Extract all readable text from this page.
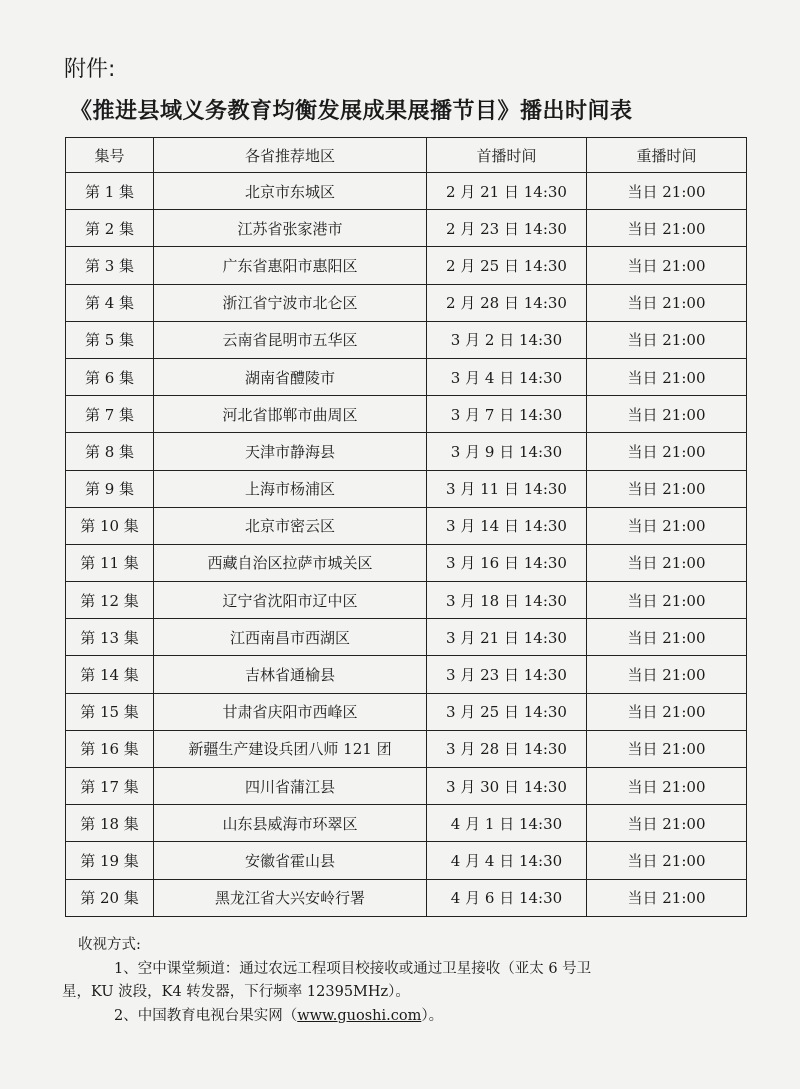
附件:
《推进县域义务教育均衡发展成果展播节目》播出时间表
集号	各省推荐地区	首播时间	重播时间
第 1 集	北京市东城区	2 月 21 日 14:30	当日 21:00
第 2 集	江苏省张家港市	2 月 23 日 14:30	当日 21:00
第 3 集	广东省惠阳市惠阳区	2 月 25 日 14:30	当日 21:00
第 4 集	浙江省宁波市北仑区	2 月 28 日 14:30	当日 21:00
第 5 集	云南省昆明市五华区	3 月 2 日 14:30	当日 21:00
第 6 集	湖南省醴陵市	3 月 4 日 14:30	当日 21:00
第 7 集	河北省邯郸市曲周区	3 月 7 日 14:30	当日 21:00
第 8 集	天津市静海县	3 月 9 日 14:30	当日 21:00
第 9 集	上海市杨浦区	3 月 11 日 14:30	当日 21:00
第 10 集	北京市密云区	3 月 14 日 14:30	当日 21:00
第 11 集	西藏自治区拉萨市城关区	3 月 16 日 14:30	当日 21:00
第 12 集	辽宁省沈阳市辽中区	3 月 18 日 14:30	当日 21:00
第 13 集	江西南昌市西湖区	3 月 21 日 14:30	当日 21:00
第 14 集	吉林省通榆县	3 月 23 日 14:30	当日 21:00
第 15 集	甘肃省庆阳市西峰区	3 月 25 日 14:30	当日 21:00
第 16 集	新疆生产建设兵团八师 121 团	3 月 28 日 14:30	当日 21:00
第 17 集	四川省蒲江县	3 月 30 日 14:30	当日 21:00
第 18 集	山东县威海市环翠区	4 月 1 日 14:30	当日 21:00
第 19 集	安徽省霍山县	4 月 4 日 14:30	当日 21:00
第 20 集	黑龙江省大兴安岭行署	4 月 6 日 14:30	当日 21:00
收视方式:
1、空中课堂频道：通过农远工程项目校接收或通过卫星接收（亚太 6 号卫
星，KU 波段，K4 转发器，下行频率 12395MHz）。
2、中国教育电视台果实网（www.guoshi.com）。
